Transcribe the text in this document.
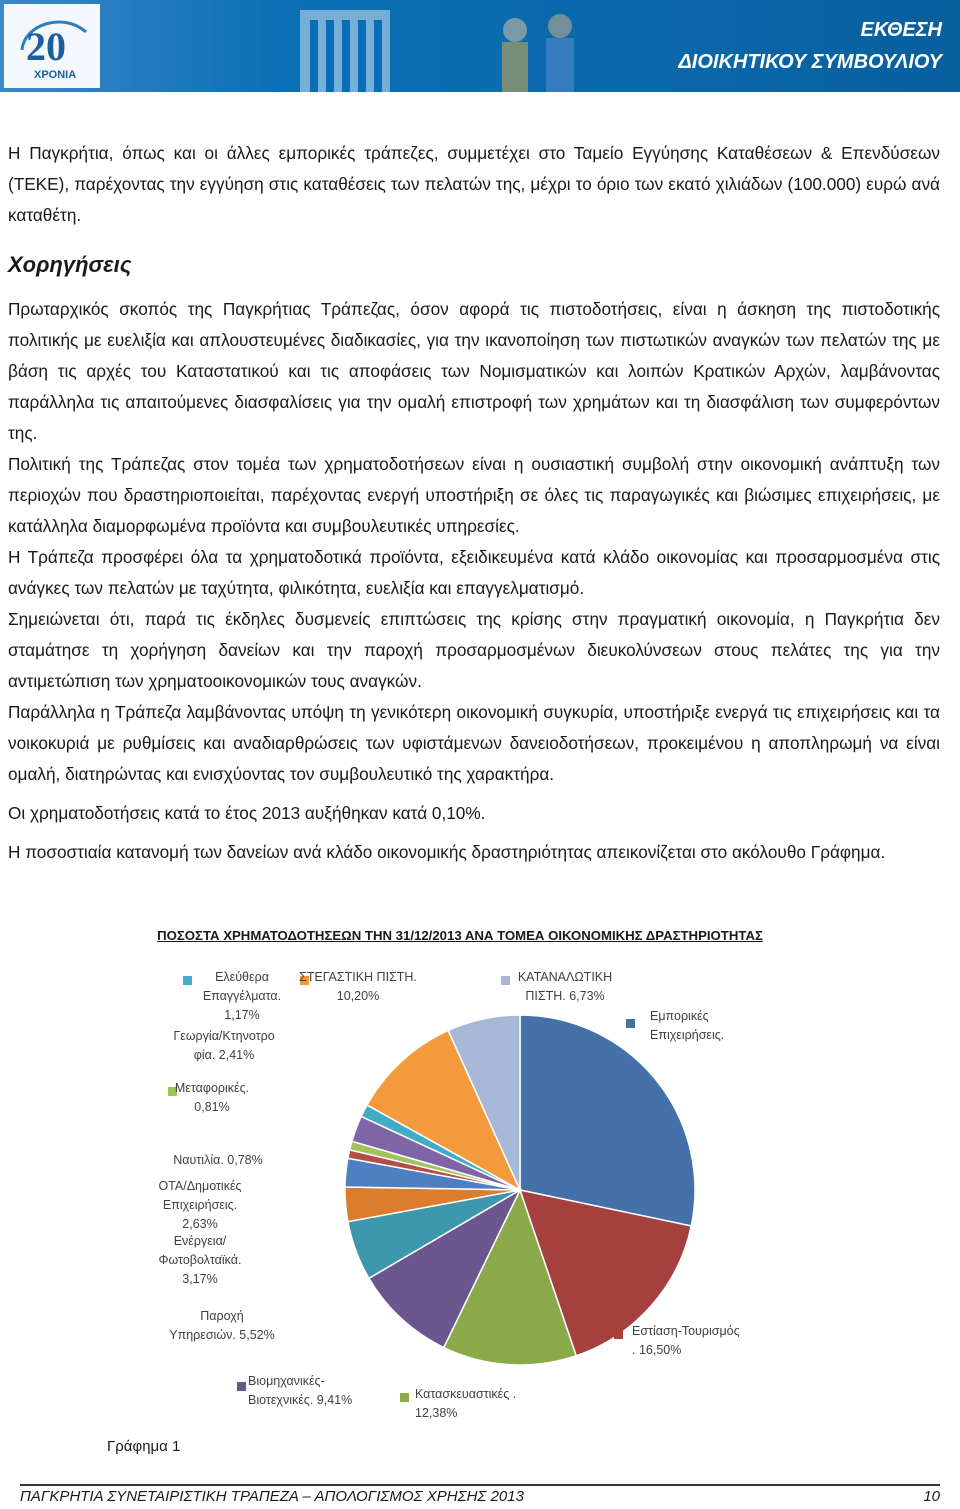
20
ΧΡΟΝΙΑ
ΕΚΘΕΣΗ
ΔΙΟΙΚΗΤΙΚΟΥ ΣΥΜΒΟΥΛΙΟΥ

Η Παγκρήτια, όπως και οι άλλες εμπορικές τράπεζες, συμμετέχει στο Ταμείο Εγγύησης Καταθέσεων & Επενδύσεων (ΤΕΚΕ), παρέχοντας την εγγύηση στις καταθέσεις των πελατών της, μέχρι το όριο των εκατό χιλιάδων (100.000) ευρώ ανά καταθέτη.

Χορηγήσεις

Πρωταρχικός σκοπός της Παγκρήτιας Τράπεζας, όσον αφορά τις πιστοδοτήσεις, είναι η άσκηση της πιστοδοτικής πολιτικής με ευελιξία και απλουστευμένες διαδικασίες, για την ικανοποίηση των πιστωτικών αναγκών των πελατών της με βάση τις αρχές του Καταστατικού και τις αποφάσεις των Νομισματικών και λοιπών Κρατικών Αρχών, λαμβάνοντας παράλληλα τις απαιτούμενες διασφαλίσεις για την ομαλή επιστροφή των χρημάτων και τη διασφάλιση των συμφερόντων της.

Πολιτική της Τράπεζας στον τομέα των χρηματοδοτήσεων είναι η ουσιαστική συμβολή στην οικονομική ανάπτυξη των περιοχών που δραστηριοποιείται, παρέχοντας ενεργή υποστήριξη σε όλες τις παραγωγικές και βιώσιμες επιχειρήσεις, με κατάλληλα διαμορφωμένα προϊόντα και συμβουλευτικές υπηρεσίες.

Η Τράπεζα προσφέρει όλα τα χρηματοδοτικά προϊόντα, εξειδικευμένα κατά κλάδο οικονομίας και προσαρμοσμένα στις ανάγκες των πελατών με ταχύτητα, φιλικότητα, ευελιξία και επαγγελματισμό.

Σημειώνεται ότι, παρά τις έκδηλες δυσμενείς επιπτώσεις της κρίσης στην πραγματική οικονομία, η Παγκρήτια δεν σταμάτησε τη χορήγηση δανείων και την παροχή προσαρμοσμένων διευκολύνσεων στους πελάτες της για την αντιμετώπιση των χρηματοοικονομικών τους αναγκών.

Παράλληλα η Τράπεζα λαμβάνοντας υπόψη τη γενικότερη οικονομική συγκυρία, υποστήριξε ενεργά τις επιχειρήσεις και τα νοικοκυριά με ρυθμίσεις και αναδιαρθρώσεις των υφιστάμενων δανειοδοτήσεων, προκειμένου η αποπληρωμή να είναι ομαλή, διατηρώντας και ενισχύοντας τον συμβουλευτικό της χαρακτήρα.

Οι χρηματοδοτήσεις κατά το έτος 2013 αυξήθηκαν κατά 0,10%.

Η ποσοστιαία κατανομή των δανείων ανά κλάδο οικονομικής δραστηριότητας απεικονίζεται στο ακόλουθο Γράφημα.

ΠΟΣΟΣΤΑ ΧΡΗΜΑΤΟΔΟΤΗΣΕΩΝ ΤΗΝ 31/12/2013 ΑΝΑ ΤΟΜΕΑ ΟΙΚΟΝΟΜΙΚΗΣ ΔΡΑΣΤΗΡΙΟΤΗΤΑΣ
Εμπορικές Επιχειρήσεις.
Εστίαση-Τουρισμός . 16,50%
Κατασκευαστικές . 12,38%
Βιομηχανικές-Βιοτεχνικές. 9,41%
Παροχή Υπηρεσιών. 5,52%
Ενέργεια/ Φωτοβολταϊκά. 3,17%
ΟΤΑ/Δημοτικές Επιχειρήσεις. 2,63%
Ναυτιλία. 0,78%
Μεταφορικές. 0,81%
Γεωργία/Κτηνοτρο φία. 2,41%
Ελεύθερα Επαγγέλματα. 1,17%
ΣΤΕΓΑΣΤΙΚΗ ΠΙΣΤΗ. 10,20%
ΚΑΤΑΝΑΛΩΤΙΚΗ ΠΙΣΤΗ. 6,73%
Γράφημα 1
ΠΑΓΚΡΗΤΙΑ ΣΥΝΕΤΑΙΡΙΣΤΙΚΗ ΤΡΑΠΕΖΑ – ΑΠΟΛΟΓΙΣΜΟΣ ΧΡΗΣΗΣ 2013	10
